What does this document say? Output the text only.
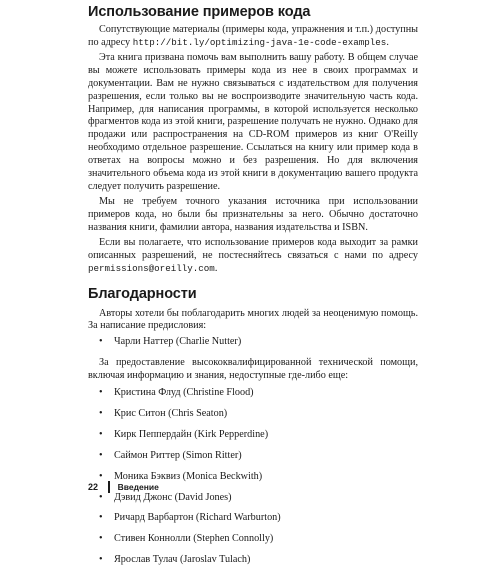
Использование примеров кода

Сопутствующие материалы (примеры кода, упражнения и т.п.) доступны по адресу http://bit.ly/optimizing-java-1e-code-examples.

Эта книга призвана помочь вам выполнить вашу работу. В общем случае вы можете использовать примеры кода из нее в своих программах и документации. Вам не нужно связываться с издательством для получения разрешения, если только вы не воспроизводите значительную часть кода. Например, для написания программы, в которой используется несколько фрагментов кода из этой книги, разрешение получать не нужно. Однако для продажи или распространения на CD-ROM примеров из книг O'Reilly необходимо отдельное разрешение. Ссылаться на книгу или пример кода в ответах на вопросы можно и без разрешения. Но для включения значительного объема кода из этой книги в документацию вашего продукта следует получить разрешение.

Мы не требуем точного указания источника при использовании примеров кода, но были бы признательны за него. Обычно достаточно названия книги, фамилии автора, названия издательства и ISBN.

Если вы полагаете, что использование примеров кода выходит за рамки описанных разрешений, не постесняйтесь связаться с нами по адресу permissions@oreilly.com.

Благодарности

Авторы хотели бы поблагодарить многих людей за неоценимую помощь. За написание предисловия:

• Чарли Наттер (Charlie Nutter)

За предоставление высококвалифицированной технической помощи, включая информацию и знания, недоступные где-либо еще:

• Кристина Флуд (Christine Flood)
• Крис Ситон (Chris Seaton)
• Кирк Пеппердайн (Kirk Pepperdine)
• Саймон Риттер (Simon Ritter)
• Моника Бэквиз (Monica Beckwith)
• Дэвид Джонс (David Jones)
• Ричард Варбартон (Richard Warburton)
• Стивен Коннолли (Stephen Connolly)
• Ярослав Тулач (Jaroslav Tulach)
22 Введение
